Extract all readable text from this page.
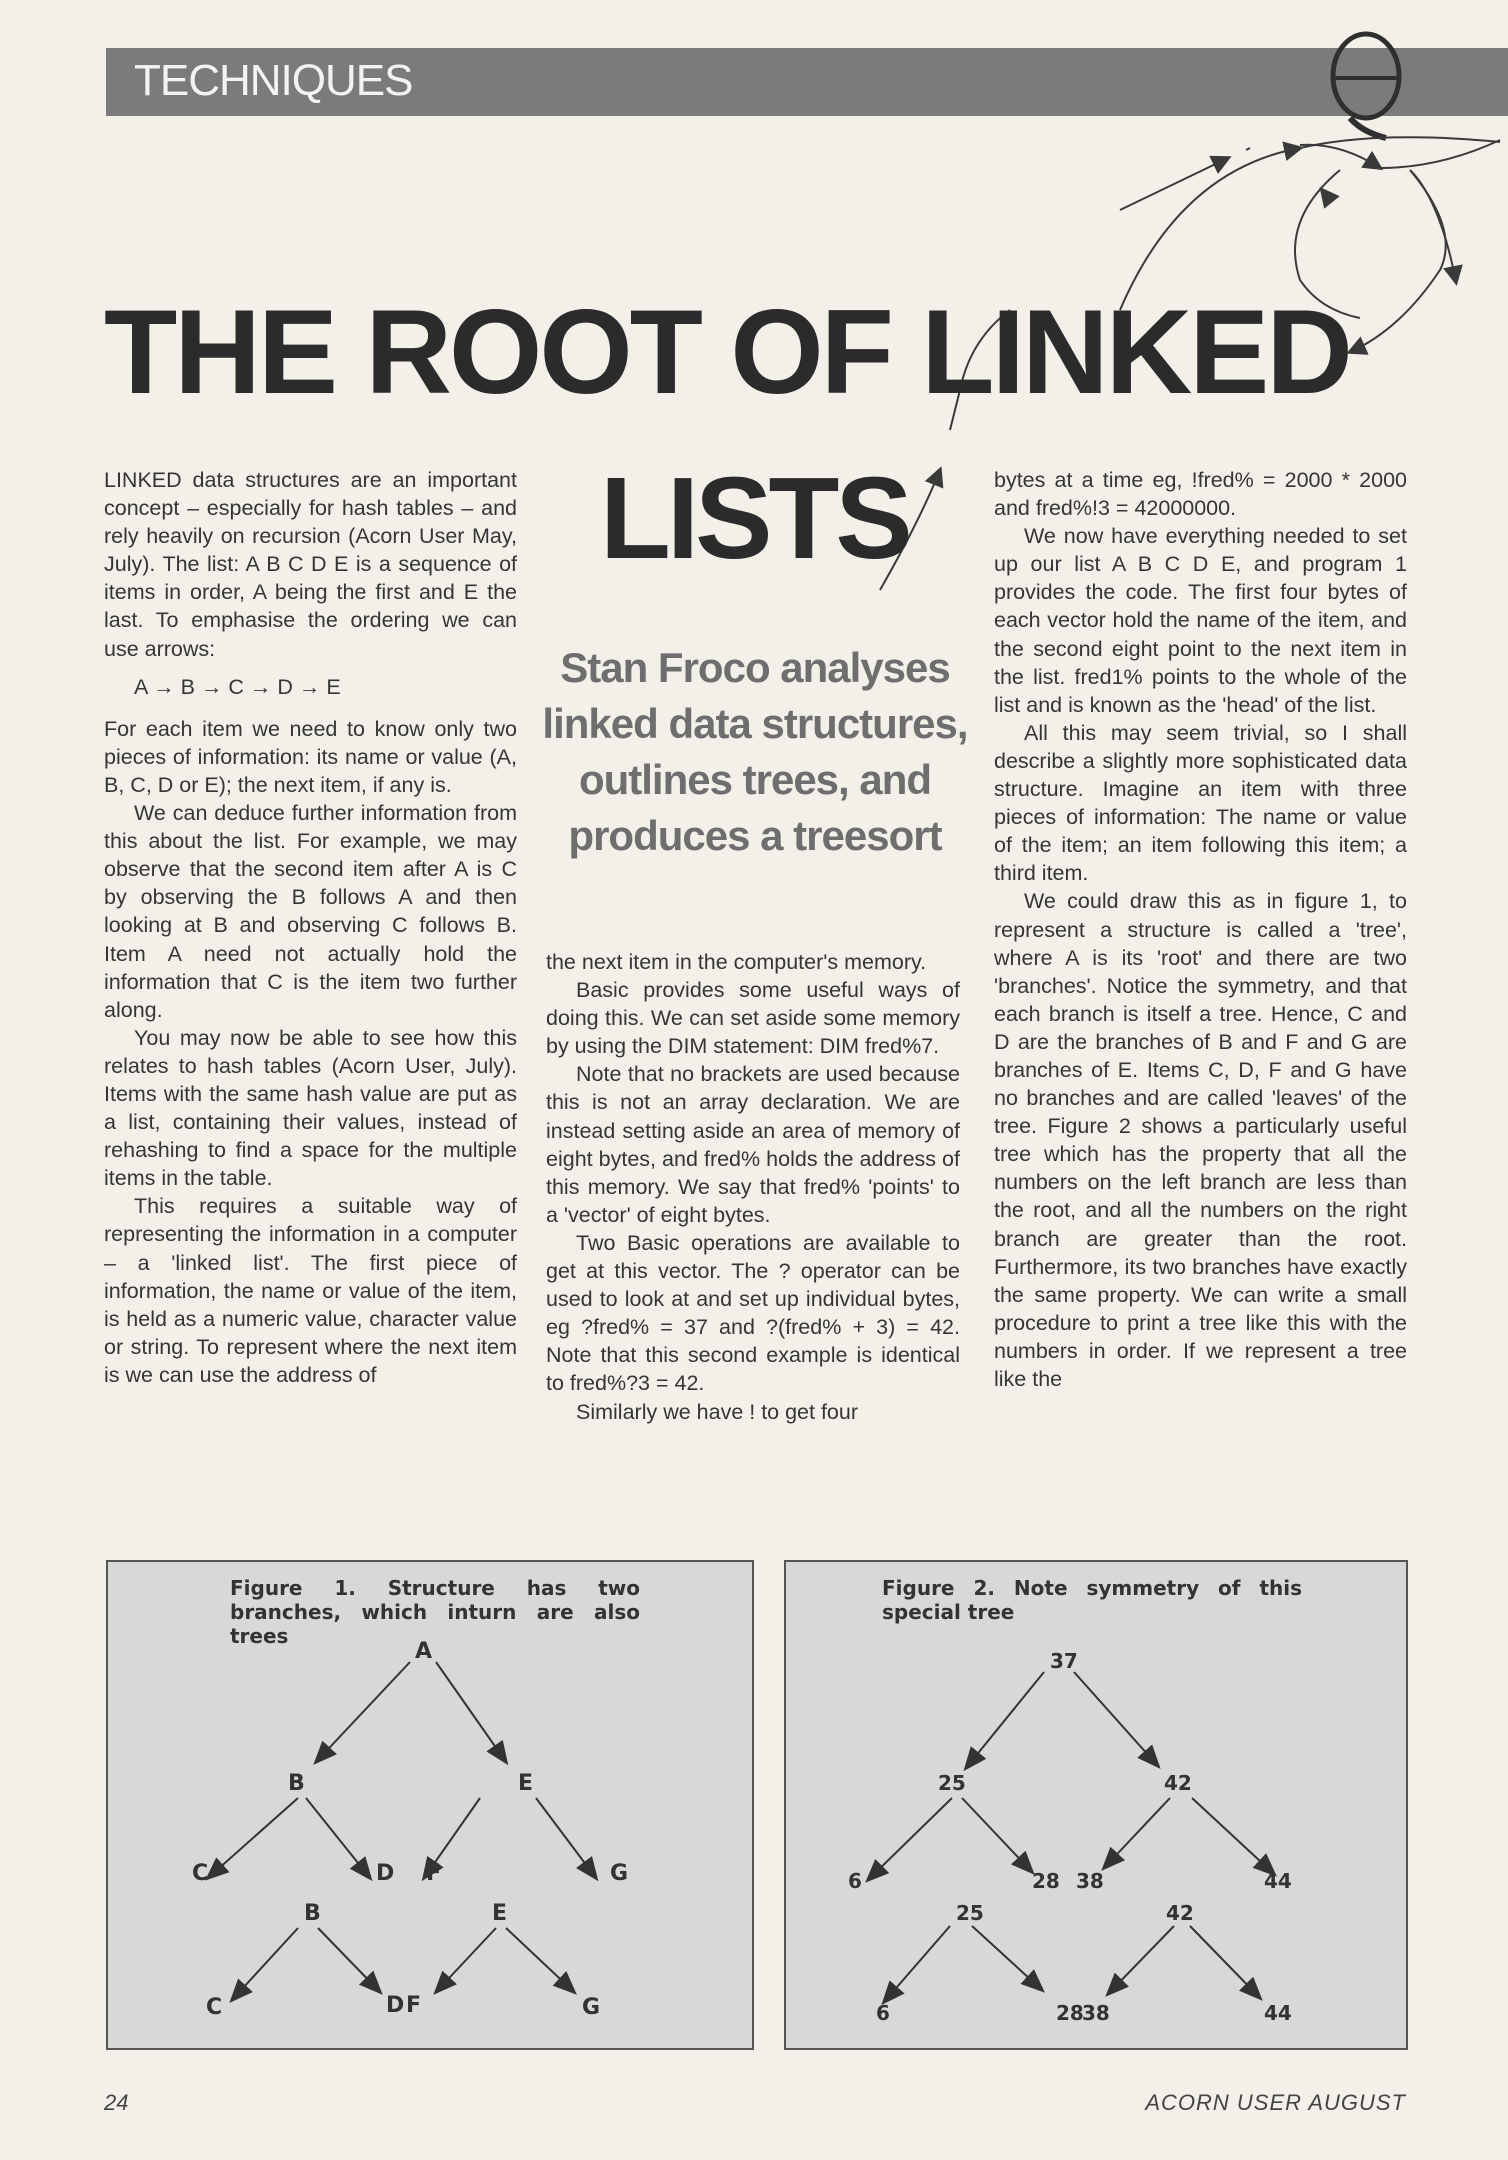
TECHNIQUES
THE ROOT OF LINKED
LISTS
Stan Froco analyses linked data structures, outlines trees, and produces a treesort

LINKED data structures are an important concept – especially for hash tables – and rely heavily on recursion (Acorn User May, July). The list: A B C D E is a sequence of items in order, A being the first and E the last. To emphasise the ordering we can use arrows:

A → B → C → D → E

For each item we need to know only two pieces of information: its name or value (A, B, C, D or E); the next item, if any is.

We can deduce further information from this about the list. For example, we may observe that the second item after A is C by observing the B follows A and then looking at B and observing C follows B. Item A need not actually hold the information that C is the item two further along.

You may now be able to see how this relates to hash tables (Acorn User, July). Items with the same hash value are put as a list, containing their values, instead of rehashing to find a space for the multiple items in the table.

This requires a suitable way of representing the information in a computer – a 'linked list'. The first piece of information, the name or value of the item, is held as a numeric value, character value or string. To represent where the next item is we can use the address of

the next item in the computer's memory.

Basic provides some useful ways of doing this. We can set aside some memory by using the DIM statement: DIM fred%7.

Note that no brackets are used because this is not an array declaration. We are instead setting aside an area of memory of eight bytes, and fred% holds the address of this memory. We say that fred% 'points' to a 'vector' of eight bytes.

Two Basic operations are available to get at this vector. The ? operator can be used to look at and set up individual bytes, eg ?fred% = 37 and ?(fred% + 3) = 42. Note that this second example is identical to fred%?3 = 42.

Similarly we have ! to get four

bytes at a time eg, !fred% = 2000 * 2000 and fred%!3 = 42000000.

We now have everything needed to set up our list A B C D E, and program 1 provides the code. The first four bytes of each vector hold the name of the item, and the second eight point to the next item in the list. fred1% points to the whole of the list and is known as the 'head' of the list.

All this may seem trivial, so I shall describe a slightly more sophisticated data structure. Imagine an item with three pieces of information: The name or value of the item; an item following this item; a third item.

We could draw this as in figure 1, to represent a structure is called a 'tree', where A is its 'root' and there are two 'branches'. Notice the symmetry, and that each branch is itself a tree. Hence, C and D are the branches of B and F and G are branches of E. Items C, D, F and G have no branches and are called 'leaves' of the tree. Figure 2 shows a particularly useful tree which has the property that all the numbers on the left branch are less than the root, and all the numbers on the right branch are greater than the root. Furthermore, its two branches have exactly the same property. We can write a small procedure to print a tree like this with the numbers in order. If we represent a tree like the

Figure 1. Structure has two branches, which inturn are also trees
A
B	E
C	D F	G
B	E
C	D F	G
Figure 2. Note symmetry of this special tree
37
25	42
6	28 38	44
25	42
6	28
38	44
24	ACORN USER AUGUST
